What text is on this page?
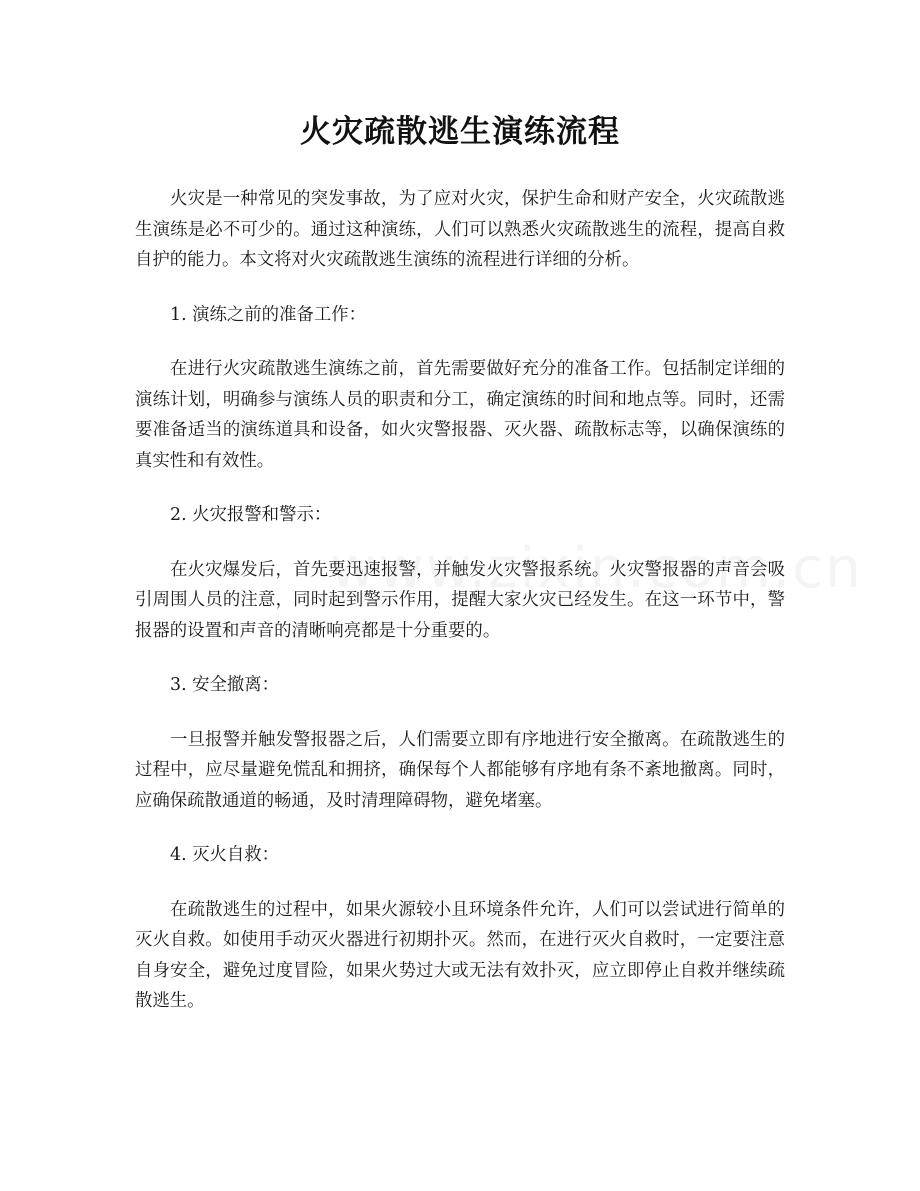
火灾疏散逃生演练流程

火灾是一种常见的突发事故，为了应对火灾，保护生命和财产安全，火灾疏散逃生演练是必不可少的。通过这种演练，人们可以熟悉火灾疏散逃生的流程，提高自救自护的能力。本文将对火灾疏散逃生演练的流程进行详细的分析。

1. 演练之前的准备工作：

在进行火灾疏散逃生演练之前，首先需要做好充分的准备工作。包括制定详细的演练计划，明确参与演练人员的职责和分工，确定演练的时间和地点等。同时，还需要准备适当的演练道具和设备，如火灾警报器、灭火器、疏散标志等，以确保演练的真实性和有效性。

2. 火灾报警和警示：

在火灾爆发后，首先要迅速报警，并触发火灾警报系统。火灾警报器的声音会吸引周围人员的注意，同时起到警示作用，提醒大家火灾已经发生。在这一环节中，警报器的设置和声音的清晰响亮都是十分重要的。

3. 安全撤离：

一旦报警并触发警报器之后，人们需要立即有序地进行安全撤离。在疏散逃生的过程中，应尽量避免慌乱和拥挤，确保每个人都能够有序地有条不紊地撤离。同时，应确保疏散通道的畅通，及时清理障碍物，避免堵塞。

4. 灭火自救：

在疏散逃生的过程中，如果火源较小且环境条件允许，人们可以尝试进行简单的灭火自救。如使用手动灭火器进行初期扑灭。然而，在进行灭火自救时，一定要注意自身安全，避免过度冒险，如果火势过大或无法有效扑灭，应立即停止自救并继续疏散逃生。
